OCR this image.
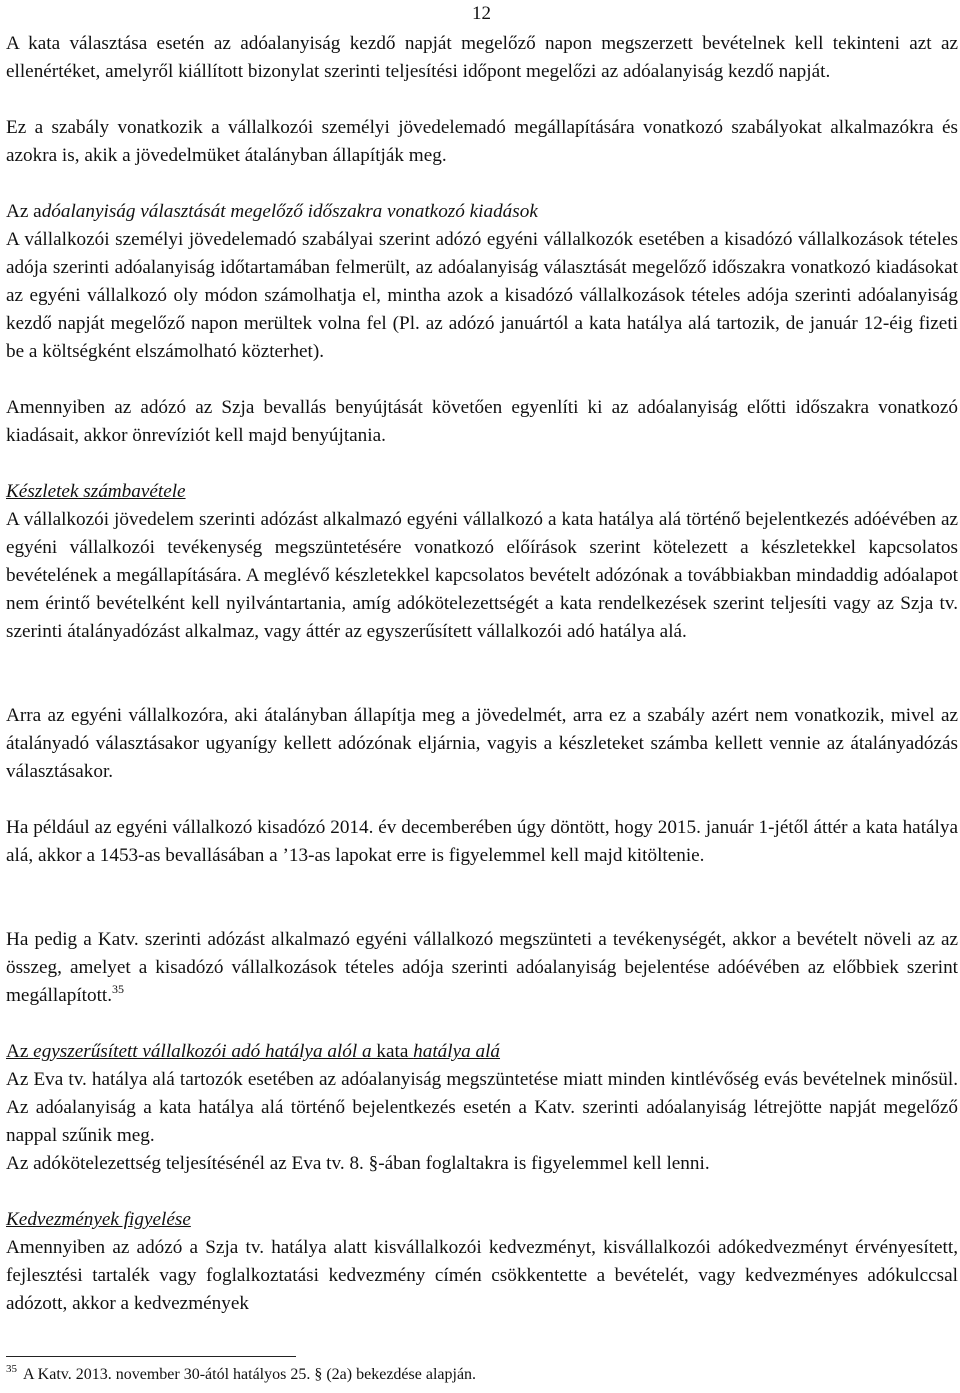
12

A kata választása esetén az adóalanyiság kezdő napját megelőző napon megszerzett bevételnek kell tekinteni azt az ellenértéket, amelyről kiállított bizonylat szerinti teljesítési időpont megelőzi az adóalanyiság kezdő napját.

Ez a szabály vonatkozik a vállalkozói személyi jövedelemadó megállapítására vonatkozó szabályokat alkalmazókra és azokra is, akik a jövedelmüket átalányban állapítják meg.

Az adóalanyiság választását megelőző időszakra vonatkozó kiadások

A vállalkozói személyi jövedelemadó szabályai szerint adózó egyéni vállalkozók esetében a kisadózó vállalkozások tételes adója szerinti adóalanyiság időtartamában felmerült, az adóalanyiság választását megelőző időszakra vonatkozó kiadásokat az egyéni vállalkozó oly módon számolhatja el, mintha azok a kisadózó vállalkozások tételes adója szerinti adóalanyiság kezdő napját megelőző napon merültek volna fel (Pl. az adózó januártól a kata hatálya alá tartozik, de január 12-éig fizeti be a költségként elszámolható közterhet).

Amennyiben az adózó az Szja bevallás benyújtását követően egyenlíti ki az adóalanyiság előtti időszakra vonatkozó kiadásait, akkor önrevíziót kell majd benyújtania.

Készletek számbavétele

A vállalkozói jövedelem szerinti adózást alkalmazó egyéni vállalkozó a kata hatálya alá történő bejelentkezés adóévében az egyéni vállalkozói tevékenység megszüntetésére vonatkozó előírások szerint kötelezett a készletekkel kapcsolatos bevételének a megállapítására. A meglévő készletekkel kapcsolatos bevételt adózónak a továbbiakban mindaddig adóalapot nem érintő bevételként kell nyilvántartania, amíg adókötelezettségét a kata rendelkezések szerint teljesíti vagy az Szja tv. szerinti átalányadózást alkalmaz, vagy áttér az egyszerűsített vállalkozói adó hatálya alá.

Arra az egyéni vállalkozóra, aki átalányban állapítja meg a jövedelmét, arra ez a szabály azért nem vonatkozik, mivel az átalányadó választásakor ugyanígy kellett adózónak eljárnia, vagyis a készleteket számba kellett vennie az átalányadózás választásakor.

Ha például az egyéni vállalkozó kisadózó 2014. év decemberében úgy döntött, hogy 2015. január 1-jétől áttér a kata hatálya alá, akkor a 1453-as bevallásában a ’13-as lapokat erre is figyelemmel kell majd kitöltenie.

Ha pedig a Katv. szerinti adózást alkalmazó egyéni vállalkozó megszünteti a tevékenységét, akkor a bevételt növeli az az összeg, amelyet a kisadózó vállalkozások tételes adója szerinti adóalanyiság bejelentése adóévében az előbbiek szerint megállapított.$^{35}$

Az egyszerűsített vállalkozói adó hatálya alól a kata hatálya alá

Az Eva tv. hatálya alá tartozók esetében az adóalanyiság megszüntetése miatt minden kintlévőség evás bevételnek minősül. Az adóalanyiság a kata hatálya alá történő bejelentkezés esetén a Katv. szerinti adóalanyiság létrejötte napját megelőző nappal szűnik meg.

Az adókötelezettség teljesítésénél az Eva tv. 8. §-ában foglaltakra is figyelemmel kell lenni.

Kedvezmények figyelése

Amennyiben az adózó a Szja tv. hatálya alatt kisvállalkozói kedvezményt, kisvállalkozói adókedvezményt érvényesített, fejlesztési tartalék vagy foglalkoztatási kedvezmény címén csökkentette a bevételét, vagy kedvezményes adókulccsal adózott, akkor a kedvezmények

$^{35}$ A Katv. 2013. november 30-ától hatályos 25. § (2a) bekezdése alapján.
